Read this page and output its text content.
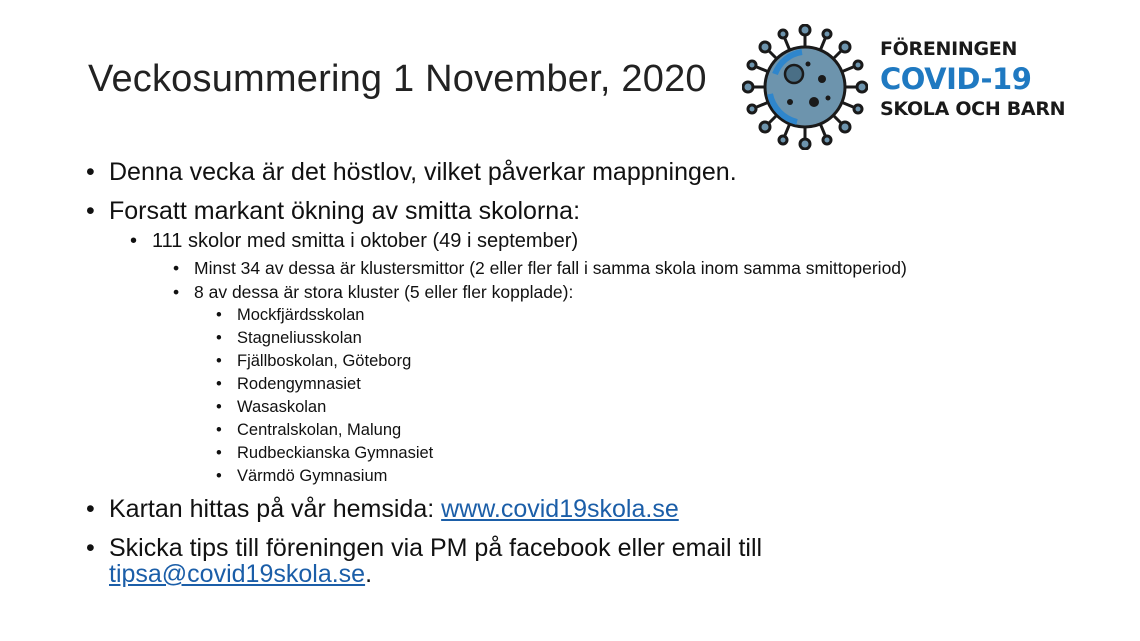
Veckosummering 1 November, 2020
FÖRENINGEN
COVID-19
SKOLA OCH BARN
• Denna vecka är det höstlov, vilket påverkar mappningen.
• Forsatt markant ökning av smitta skolorna:
• 111 skolor med smitta i oktober (49 i september)
• Minst 34 av dessa är klustersmittor (2 eller fler fall i samma skola inom samma smittoperiod)
• 8 av dessa är stora kluster (5 eller fler kopplade):
• Mockfjärdsskolan
• Stagneliusskolan
• Fjällboskolan, Göteborg
• Rodengymnasiet
• Wasaskolan
• Centralskolan, Malung
• Rudbeckianska Gymnasiet
• Värmdö Gymnasium
• Kartan hittas på vår hemsida: www.covid19skola.se
• Skicka tips till föreningen via PM på facebook eller email till
tipsa@covid19skola.se.
